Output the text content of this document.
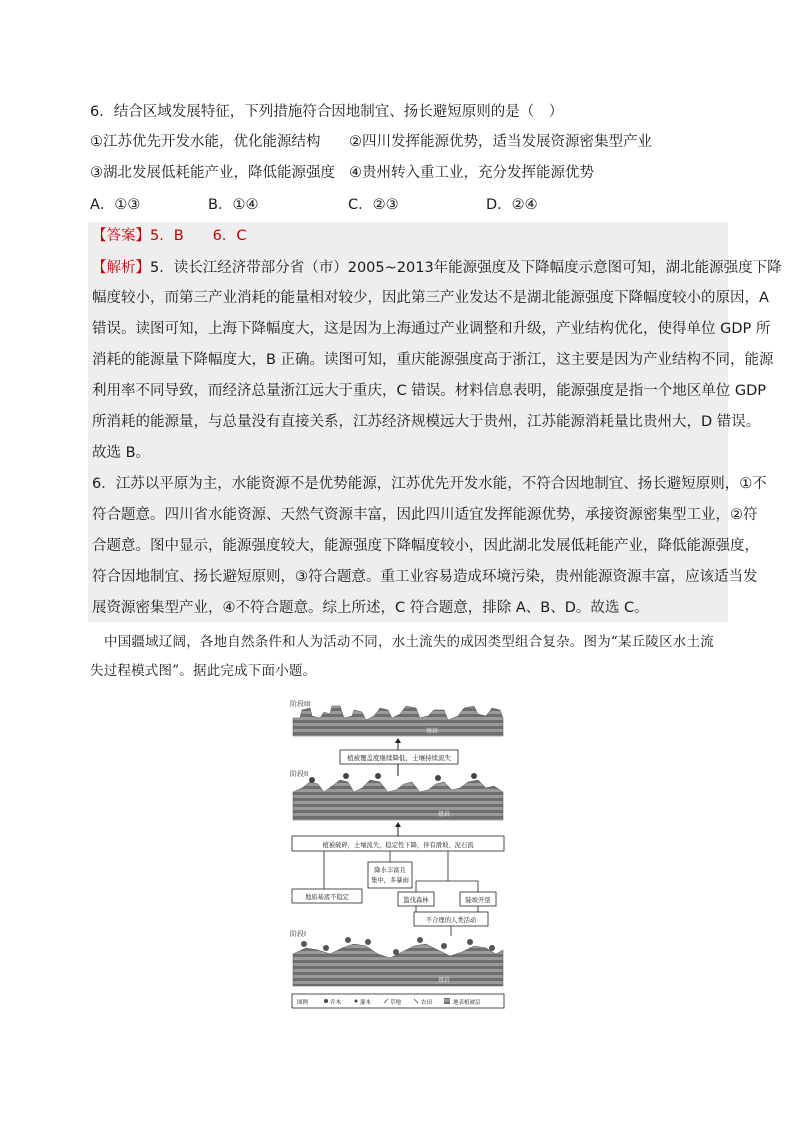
6．结合区域发展特征，下列措施符合因地制宜、扬长避短原则的是（　）
①江苏优先开发水能，优化能源结构 ②四川发挥能源优势，适当发展资源密集型产业
③湖北发展低耗能产业，降低能源强度 ④贵州转入重工业，充分发挥能源优势
A．①③	B．①④	C．②③	D．②④
【答案】5．B　　6．C
【解析】5．读长江经济带部分省（市）2005~2013年能源强度及下降幅度示意图可知，湖北能源强度下降
幅度较小，而第三产业消耗的能量相对较少，因此第三产业发达不是湖北能源强度下降幅度较小的原因，A
错误。读图可知，上海下降幅度大，这是因为上海通过产业调整和升级，产业结构优化，使得单位 GDP 所
消耗的能源量下降幅度大，B 正确。读图可知，重庆能源强度高于浙江，这主要是因为产业结构不同，能源
利用率不同导致，而经济总量浙江远大于重庆，C 错误。材料信息表明，能源强度是指一个地区单位 GDP
所消耗的能源量，与总量没有直接关系，江苏经济规模远大于贵州，江苏能源消耗量比贵州大，D 错误。
故选 B。
6．江苏以平原为主，水能资源不是优势能源，江苏优先开发水能，不符合因地制宜、扬长避短原则，①不
符合题意。四川省水能资源、天然气资源丰富，因此四川适宜发挥能源优势，承接资源密集型工业，②符
合题意。图中显示，能源强度较大，能源强度下降幅度较小，因此湖北发展低耗能产业，降低能源强度，
符合因地制宜、扬长避短原则，③符合题意。重工业容易造成环境污染，贵州能源资源丰富，应该适当发
展资源密集型产业，④不符合题意。综上所述，C 符合题意，排除 A、B、D。故选 C。
中国疆域辽阔，各地自然条件和人为活动不同，水土流失的成因类型组合复杂。图为“某丘陵区水土流
失过程模式图”。据此完成下面小题。
阶段III
基岩
植被覆盖度继续降低，土壤持续流失
阶段II
基岩
植被破碎，土壤流失，稳定性下降，伴有滑坡、泥石流
降水丰富且
集中，多暴雨
地质基底不稳定	滥伐森林	陡坡开垦
不合理的人类活动
阶段I
基岩
图例	乔木	灌木	草地	农田	地表植被层
